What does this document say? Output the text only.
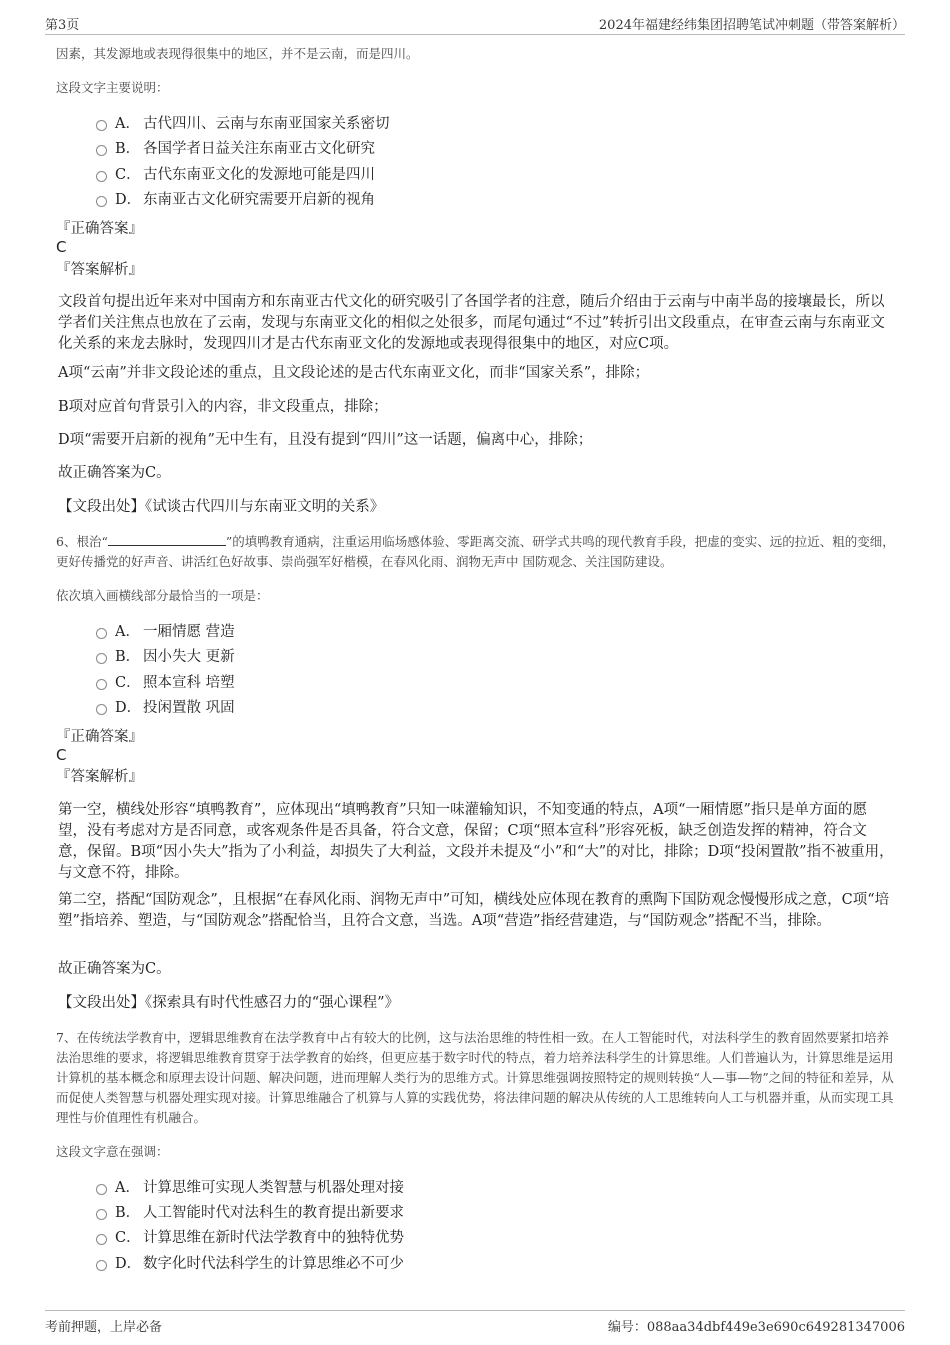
第3页	2024年福建经纬集团招聘笔试冲刺题（带答案解析）
因素，其发源地或表现得很集中的地区，并不是云南，而是四川。
这段文字主要说明：
A． 古代四川、云南与东南亚国家关系密切
B． 各国学者日益关注东南亚古文化研究
C． 古代东南亚文化的发源地可能是四川
D． 东南亚古文化研究需要开启新的视角
『正确答案』
C
『答案解析』
文段首句提出近年来对中国南方和东南亚古代文化的研究吸引了各国学者的注意，随后介绍由于云南与中南半岛的接壤最长，所以学者们关注焦点也放在了云南，发现与东南亚文化的相似之处很多，而尾句通过“不过”转折引出文段重点，在审查云南与东南亚文化关系的来龙去脉时，发现四川才是古代东南亚文化的发源地或表现得很集中的地区，对应C项。
A项“云南”并非文段论述的重点，且文段论述的是古代东南亚文化，而非“国家关系”，排除；
B项对应首句背景引入的内容，非文段重点，排除；
D项“需要开启新的视角”无中生有，且没有提到“四川”这一话题，偏离中心，排除；
故正确答案为C。
【文段出处】《试谈古代四川与东南亚文明的关系》
6、根治“	”的填鸭教育通病，注重运用临场感体验、零距离交流、研学式共鸣的现代教育手段，把虚的变实、远的拉近、粗的变细，更好传播党的好声音、讲活红色好故事、崇尚强军好楷模，在春风化雨、润物无声中 国防观念、关注国防建设。
依次填入画横线部分最恰当的一项是：
A． 一厢情愿 营造
B． 因小失大 更新
C． 照本宣科 培塑
D． 投闲置散 巩固
『正确答案』
C
『答案解析』
第一空，横线处形容“填鸭教育”，应体现出“填鸭教育”只知一味灌输知识，不知变通的特点，A项“一厢情愿”指只是单方面的愿望，没有考虑对方是否同意，或客观条件是否具备，符合文意，保留；C项“照本宣科”形容死板，缺乏创造发挥的精神，符合文意，保留。B项“因小失大”指为了小利益，却损失了大利益，文段并未提及“小”和“大”的对比，排除；D项“投闲置散”指不被重用，与文意不符，排除。
第二空，搭配“国防观念”，且根据“在春风化雨、润物无声中”可知，横线处应体现在教育的熏陶下国防观念慢慢形成之意，C项“培塑”指培养、塑造，与“国防观念”搭配恰当，且符合文意，当选。A项“营造”指经营建造，与“国防观念”搭配不当，排除。
故正确答案为C。
【文段出处】《探索具有时代性感召力的“强心课程”》
7、在传统法学教育中，逻辑思维教育在法学教育中占有较大的比例，这与法治思维的特性相一致。在人工智能时代，对法科学生的教育固然要紧扣培养法治思维的要求，将逻辑思维教育贯穿于法学教育的始终，但更应基于数字时代的特点，着力培养法科学生的计算思维。人们普遍认为，计算思维是运用计算机的基本概念和原理去设计问题、解决问题，进而理解人类行为的思维方式。计算思维强调按照特定的规则转换“人—事—物”之间的特征和差异，从而促使人类智慧与机器处理实现对接。计算思维融合了机算与人算的实践优势，将法律问题的解决从传统的人工思维转向人工与机器并重，从而实现工具理性与价值理性有机融合。
这段文字意在强调：
A． 计算思维可实现人类智慧与机器处理对接
B． 人工智能时代对法科生的教育提出新要求
C． 计算思维在新时代法学教育中的独特优势
D． 数字化时代法科学生的计算思维必不可少
考前押题，上岸必备	编号：088aa34dbf449e3e690c649281347006
